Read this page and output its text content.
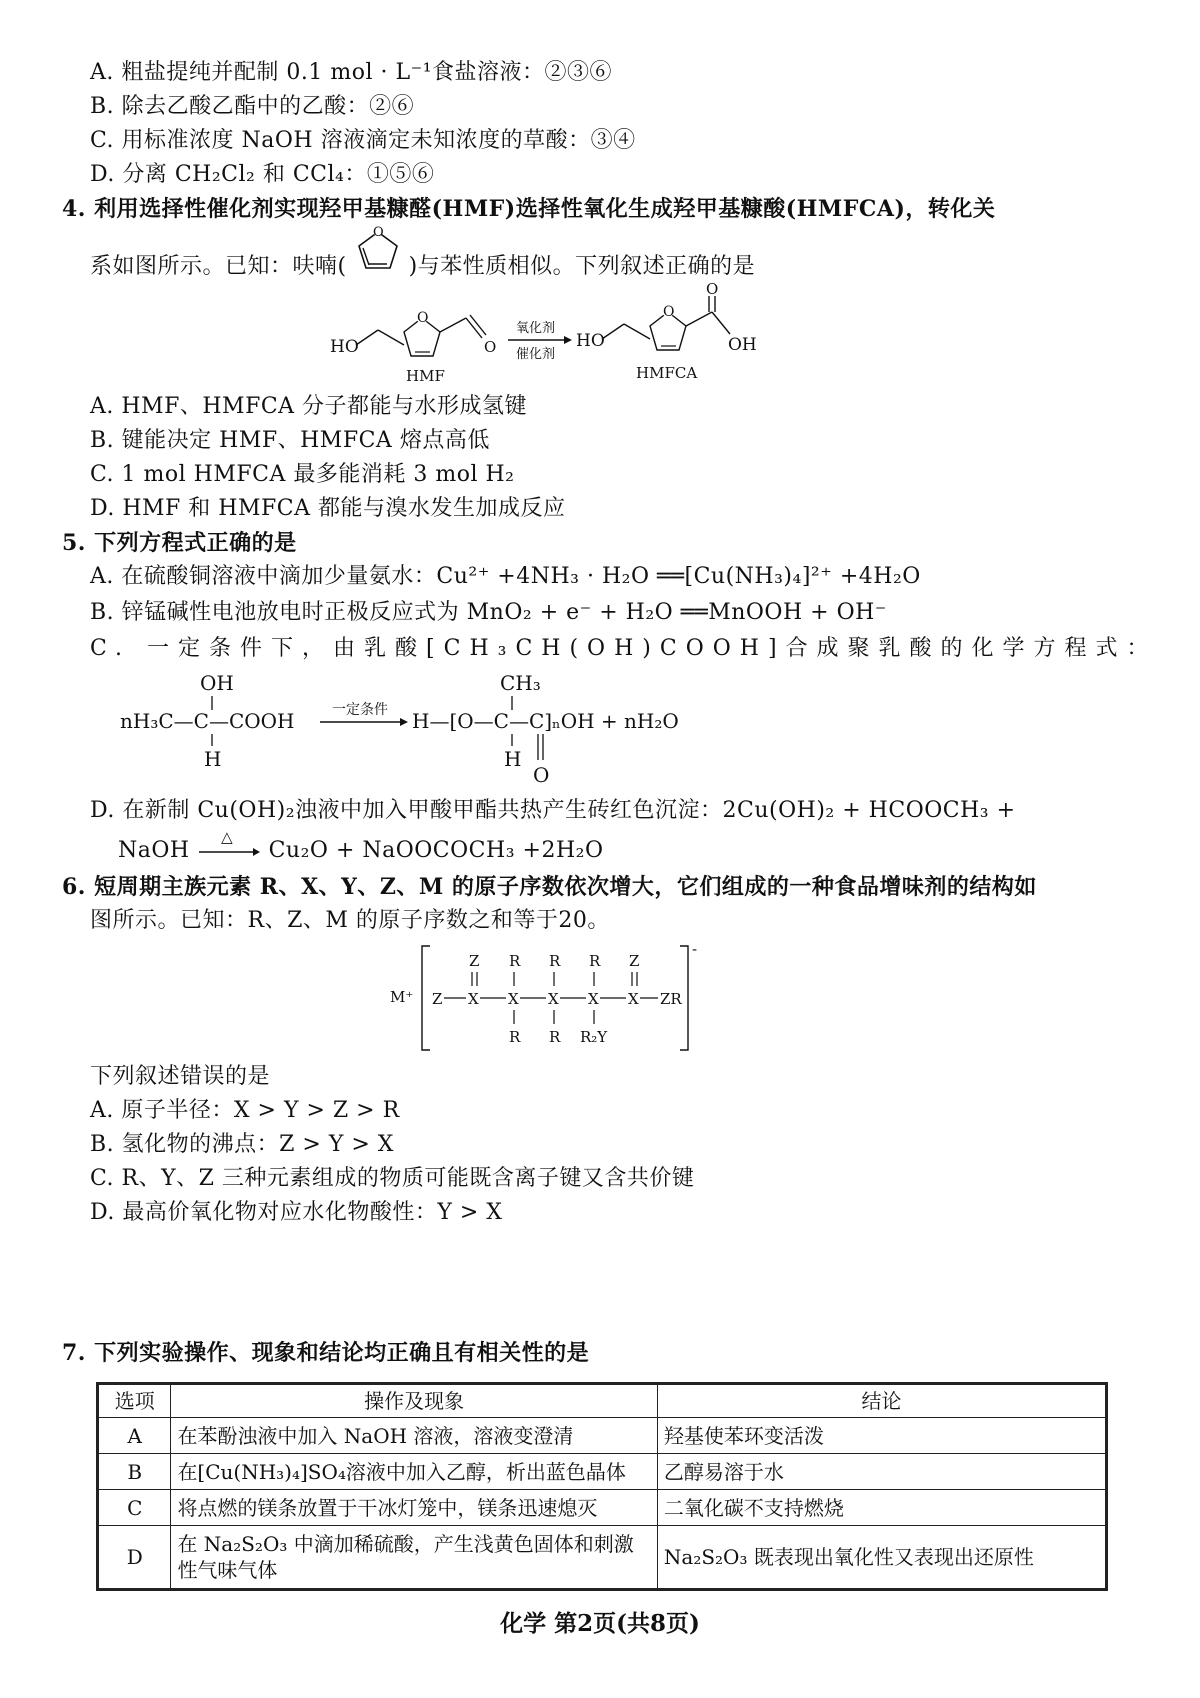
A. 粗盐提纯并配制 0.1 mol · L⁻¹食盐溶液：②③⑥
B. 除去乙酸乙酯中的乙酸：②⑥
C. 用标准浓度 NaOH 溶液滴定未知浓度的草酸：③④
D. 分离 CH₂Cl₂ 和 CCl₄：①⑤⑥
4. 利用选择性催化剂实现羟甲基糠醛(HMF)选择性氧化生成羟甲基糠酸(HMFCA)，转化关
系如图所示。已知：呋喃(
O
)与苯性质相似。下列叙述正确的是
HO
O
O
HMF
氧化剂
催化剂
HO
O
O
OH
HMFCA
A. HMF、HMFCA 分子都能与水形成氢键
B. 键能决定 HMF、HMFCA 熔点高低
C. 1 mol HMFCA 最多能消耗 3 mol H₂
D. HMF 和 HMFCA 都能与溴水发生加成反应
5. 下列方程式正确的是
A. 在硫酸铜溶液中滴加少量氨水：Cu²⁺ +4NH₃ · H₂O ══[Cu(NH₃)₄]²⁺ +4H₂O
B. 锌锰碱性电池放电时正极反应式为 MnO₂ + e⁻ + H₂O ══MnOOH + OH⁻
C. 一定条件下，由乳酸[CH₃CH(OH)COOH]合成聚乳酸的化学方程式：
OH
nH₃C—C—COOH
H
一定条件
CH₃
H—[O—C—C]ₙOH + nH₂O
H
O
D. 在新制 Cu(OH)₂浊液中加入甲酸甲酯共热产生砖红色沉淀：2Cu(OH)₂ + HCOOCH₃ +
NaOH
△
Cu₂O + NaOOCOCH₃ +2H₂O
6. 短周期主族元素 R、X、Y、Z、M 的原子序数依次增大，它们组成的一种食品增味剂的结构如
图所示。已知：R、Z、M 的原子序数之和等于20。
M⁺
-
Z X X X X X ZR
Z R R R Z
R R R₂Y
下列叙述错误的是
A. 原子半径：X > Y > Z > R
B. 氢化物的沸点：Z > Y > X
C. R、Y、Z 三种元素组成的物质可能既含离子键又含共价键
D. 最高价氧化物对应水化物酸性：Y > X
7. 下列实验操作、现象和结论均正确且有相关性的是
选项	操作及现象	结论
A	在苯酚浊液中加入 NaOH 溶液，溶液变澄清	羟基使苯环变活泼
B	在[Cu(NH₃)₄]SO₄溶液中加入乙醇，析出蓝色晶体	乙醇易溶于水
C	将点燃的镁条放置于干冰灯笼中，镁条迅速熄灭	二氧化碳不支持燃烧
D	在 Na₂S₂O₃ 中滴加稀硫酸，产生浅黄色固体和刺激性气味气体	Na₂S₂O₃ 既表现出氧化性又表现出还原性
化学 第2页(共8页)
